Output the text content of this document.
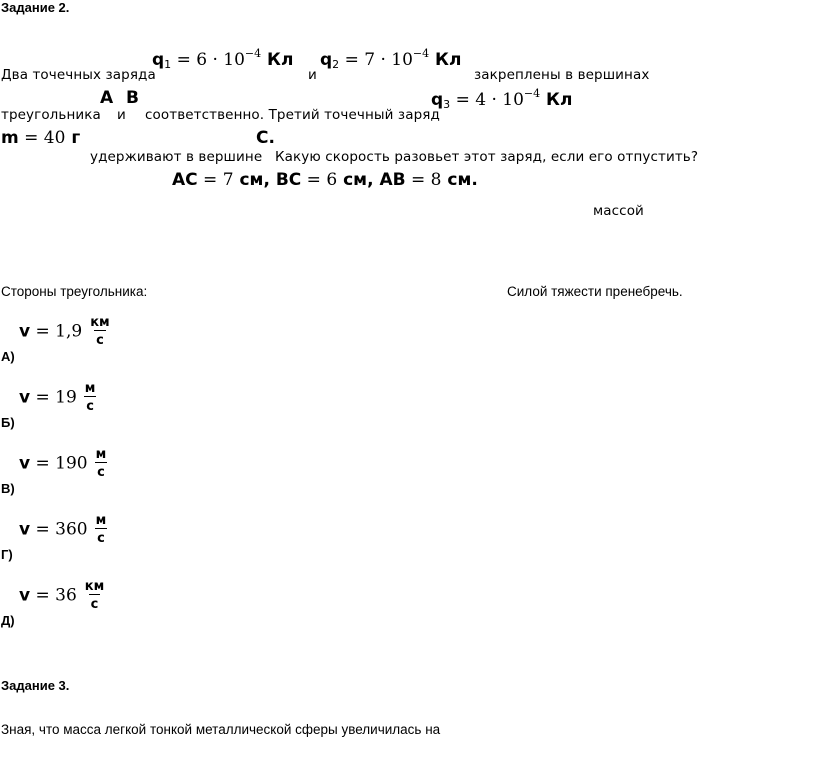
Задание 2.
Два точечных заряда
$q_1 = 6 \cdot 10^{-4}$ Кл
и
$q_2 = 7 \cdot 10^{-4}$ Кл
закреплены в вершинах
треугольника
A
и
B
соответственно. Третий точечный заряд
$q_3 = 4 \cdot 10^{-4}$ Кл
m = 40 г	C.
удерживают в вершине Какую скорость разовьет этот заряд, если его отпустить?
AC = 7 см, BC = 6 см, AB = 8 см.
массой
Стороны треугольника:	Силой тяжести пренебречь.
$v = 1,9 \frac{км}{с}$
А)
$v = 19 \frac{м}{с}$
Б)
$v = 190 \frac{м}{с}$
В)
$v = 360 \frac{м}{с}$
Г)
$v = 36 \frac{км}{с}$
Д)
Задание 3.
Зная, что масса легкой тонкой металлической сферы увеличилась на
